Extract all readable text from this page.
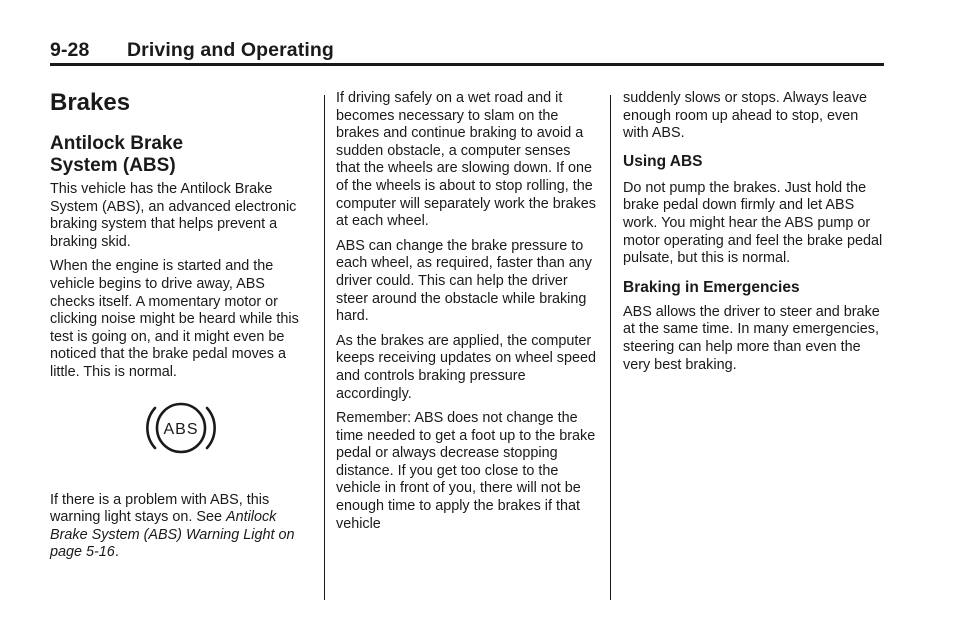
9-28 Driving and Operating
Brakes
Antilock Brake
System (ABS)

This vehicle has the Antilock Brake System (ABS), an advanced electronic braking system that helps prevent a braking skid.

When the engine is started and the vehicle begins to drive away, ABS checks itself. A momentary motor or clicking noise might be heard while this test is going on, and it might even be noticed that the brake pedal moves a little. This is normal.

ABS

If there is a problem with ABS, this warning light stays on. See Antilock Brake System (ABS) Warning Light on page 5-16.

If driving safely on a wet road and it becomes necessary to slam on the brakes and continue braking to avoid a sudden obstacle, a computer senses that the wheels are slowing down. If one of the wheels is about to stop rolling, the computer will separately work the brakes at each wheel.

ABS can change the brake pressure to each wheel, as required, faster than any driver could. This can help the driver steer around the obstacle while braking hard.

As the brakes are applied, the computer keeps receiving updates on wheel speed and controls braking pressure accordingly.

Remember: ABS does not change the time needed to get a foot up to the brake pedal or always decrease stopping distance. If you get too close to the vehicle in front of you, there will not be enough time to apply the brakes if that vehicle

suddenly slows or stops. Always leave enough room up ahead to stop, even with ABS.

Using ABS

Do not pump the brakes. Just hold the brake pedal down firmly and let ABS work. You might hear the ABS pump or motor operating and feel the brake pedal pulsate, but this is normal.

Braking in Emergencies

ABS allows the driver to steer and brake at the same time. In many emergencies, steering can help more than even the very best braking.
